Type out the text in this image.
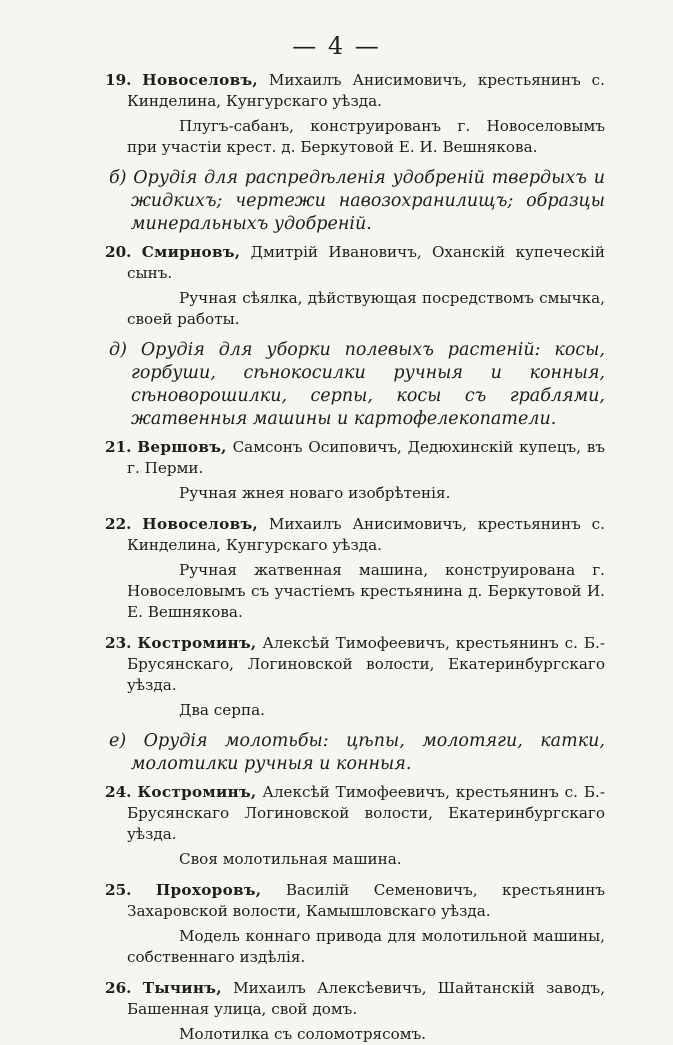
— 4 —
19. Новоселовъ, Михаилъ Анисимовичъ, крестьянинъ с. Кинделина, Кунгурскаго уѣзда.
Плугъ-сабанъ, конструированъ г. Новоселовымъ при участіи крест. д. Беркутовой Е. И. Вешнякова.
б) Орудія для распредѣленія удобреній твердыхъ и жидкихъ; чертежи навозохранилищъ; образцы минеральныхъ удобреній.
20. Смирновъ, Дмитрій Ивановичъ, Оханскій купеческій сынъ.
Ручная сѣялка, дѣйствующая посредствомъ смычка, своей работы.
д) Орудія для уборки полевыхъ растеній: косы, горбуши, сѣнокосилки ручныя и конныя, сѣноворошилки, серпы, косы съ граблями, жатвенныя машины и картофелекопатели.
21. Вершовъ, Самсонъ Осиповичъ, Дедюхинскій купецъ, въ г. Перми.
Ручная жнея новаго изобрѣтенія.
22. Новоселовъ, Михаилъ Анисимовичъ, крестьянинъ с. Кинделина, Кунгурскаго уѣзда.
Ручная жатвенная машина, конструирована г. Новоселовымъ съ участіемъ крестьянина д. Беркутовой И. Е. Вешнякова.
23. Костроминъ, Алексѣй Тимофеевичъ, крестьянинъ с. Б.-Брусянскаго, Логиновской волости, Екатеринбургскаго уѣзда.
Два серпа.
е) Орудія молотьбы: цѣпы, молотяги, катки, молотилки ручныя и конныя.
24. Костроминъ, Алексѣй Тимофеевичъ, крестьянинъ с. Б.-Брусянскаго Логиновской волости, Екатеринбургскаго уѣзда.
Своя молотильная машина.
25. Прохоровъ, Василій Семеновичъ, крестьянинъ Захаровской волости, Камышловскаго уѣзда.
Модель коннаго привода для молотильной машины, собственнаго издѣлія.
26. Тычинъ, Михаилъ Алексѣевичъ, Шайтанскій заводъ, Башенная улица, свой домъ.
Молотилка съ соломотрясомъ.
